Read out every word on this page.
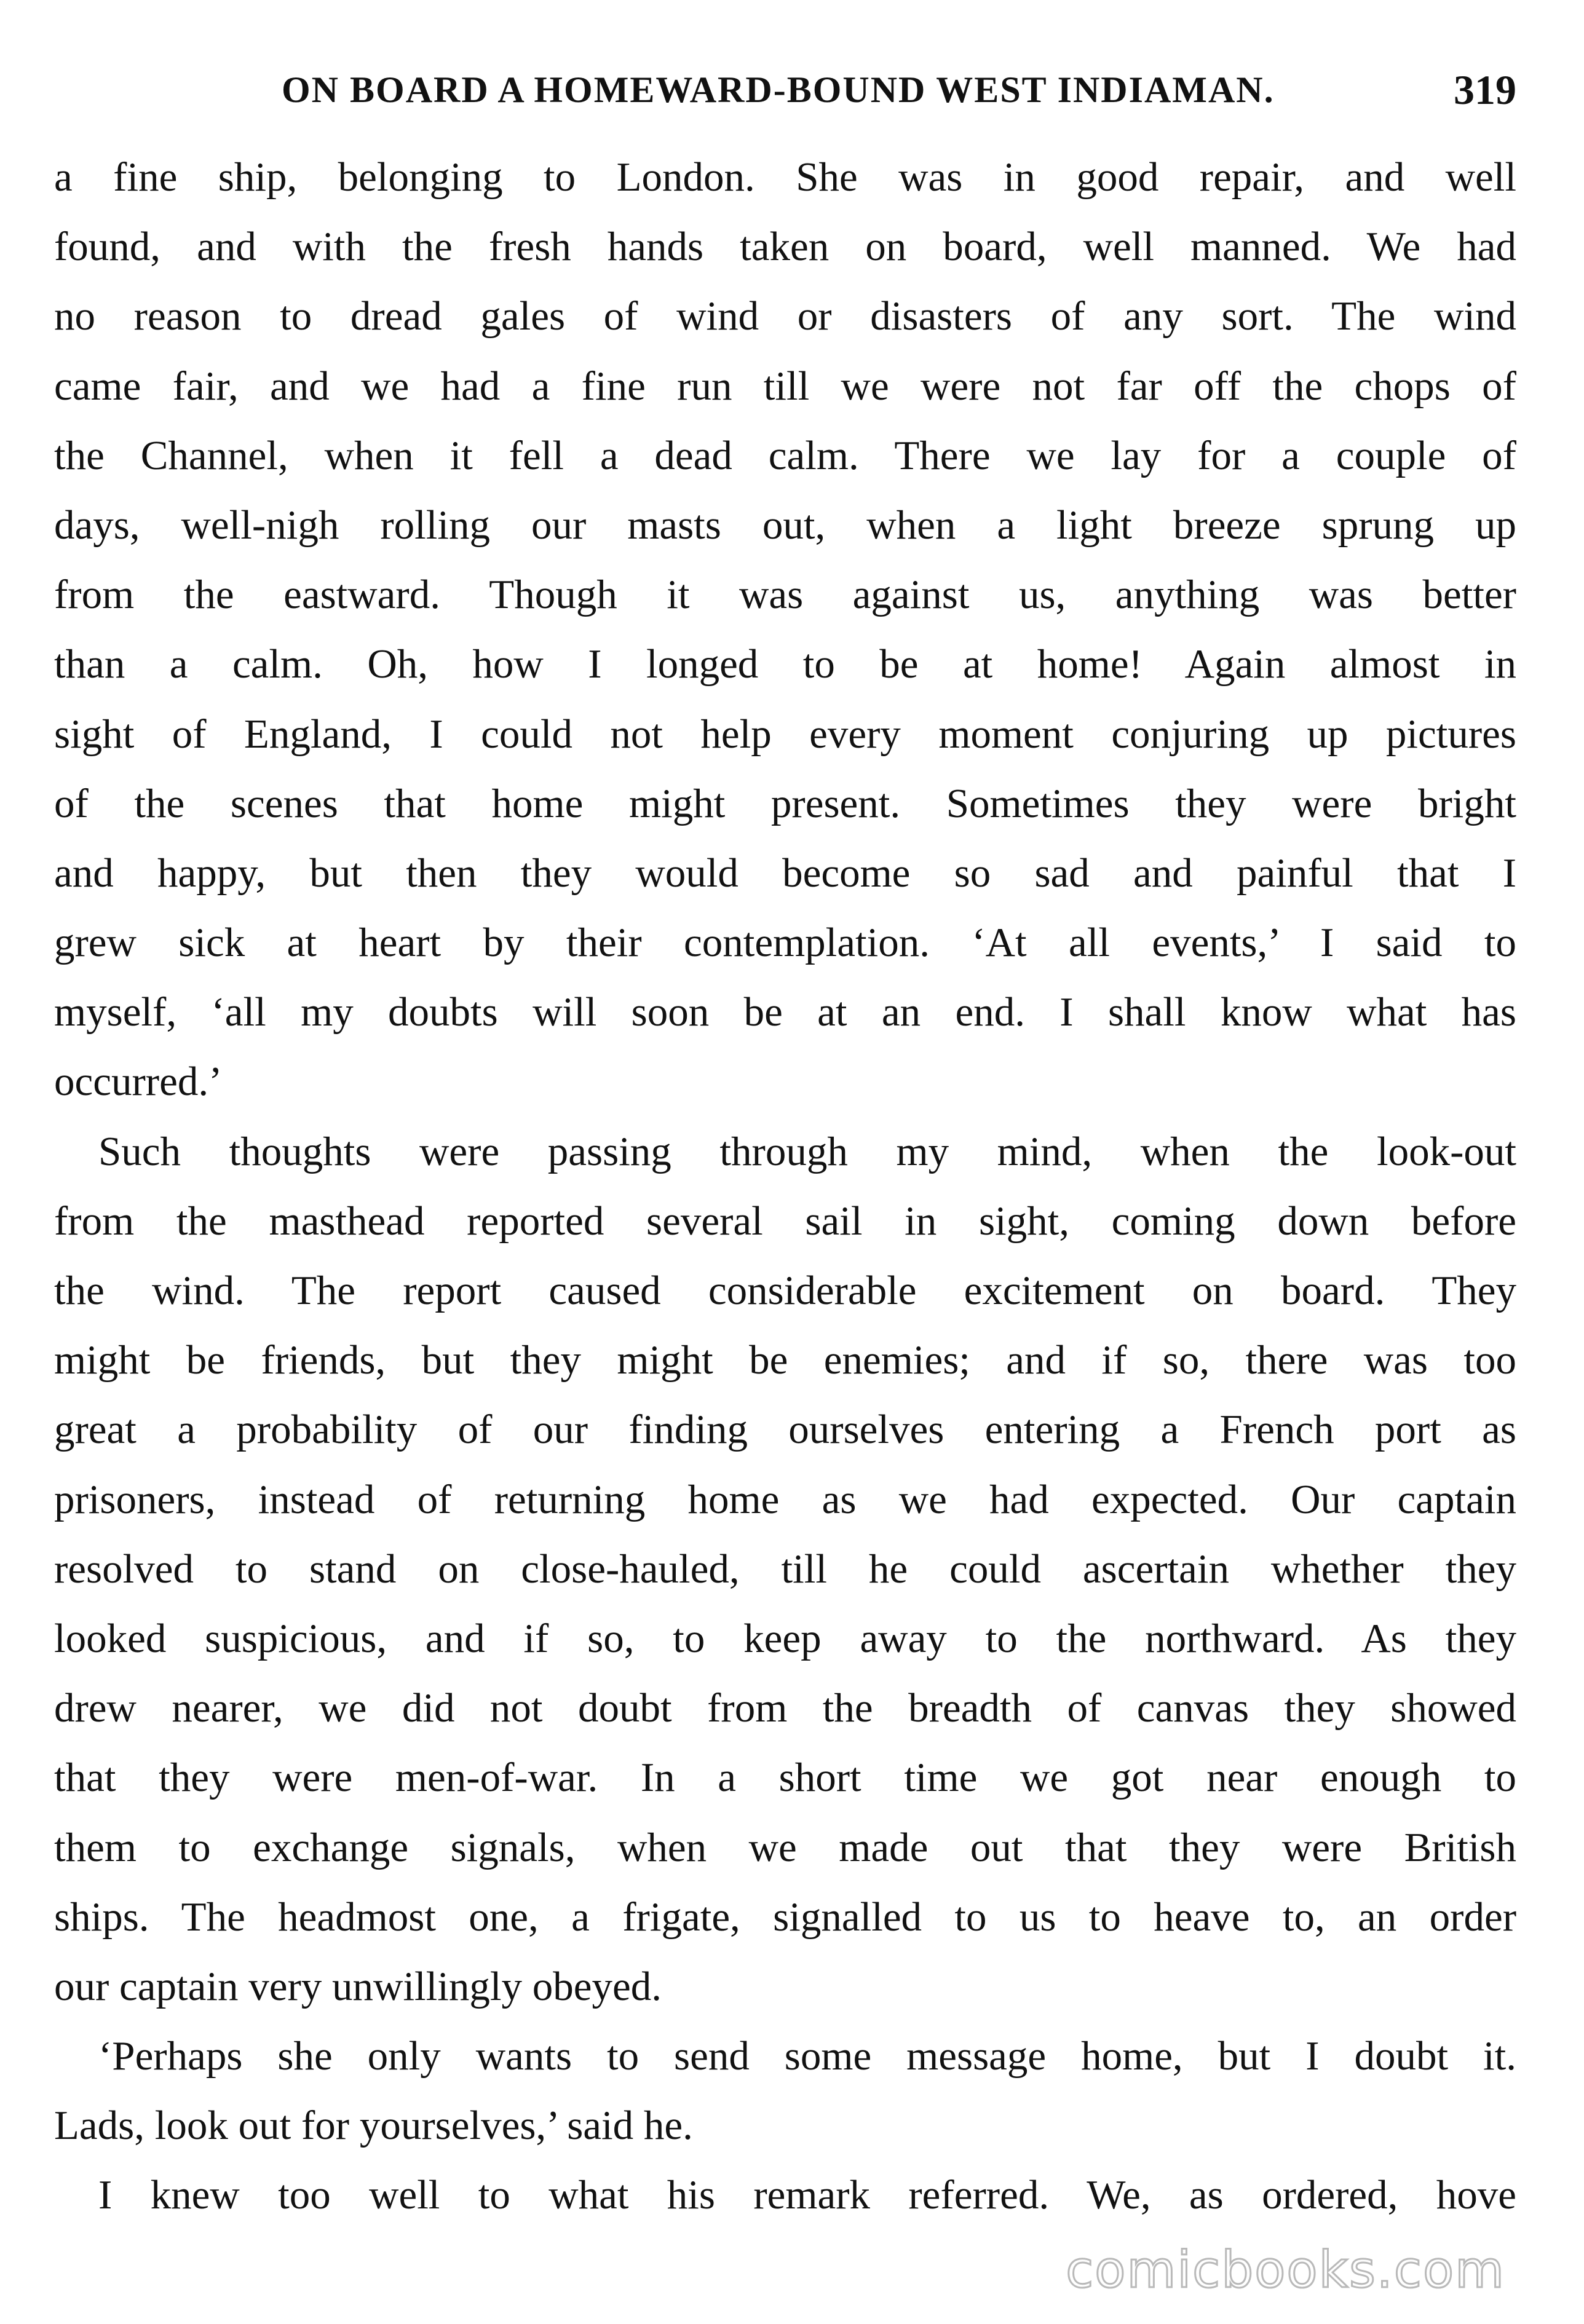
ON BOARD A HOMEWARD-BOUND WEST INDIAMAN.	319
a fine ship, belonging to London. She was in good repair, and well
found, and with the fresh hands taken on board, well manned. We had
no reason to dread gales of wind or disasters of any sort. The wind
came fair, and we had a fine run till we were not far off the chops of
the Channel, when it fell a dead calm. There we lay for a couple of
days, well-nigh rolling our masts out, when a light breeze sprung up
from the eastward. Though it was against us, anything was better
than a calm. Oh, how I longed to be at home! Again almost in
sight of England, I could not help every moment conjuring up pictures
of the scenes that home might present. Sometimes they were bright
and happy, but then they would become so sad and painful that I
grew sick at heart by their contemplation. ‘At all events,’ I said to
myself, ‘all my doubts will soon be at an end. I shall know what has
occurred.’
Such thoughts were passing through my mind, when the look-out
from the masthead reported several sail in sight, coming down before
the wind. The report caused considerable excitement on board. They
might be friends, but they might be enemies; and if so, there was too
great a probability of our finding ourselves entering a French port as
prisoners, instead of returning home as we had expected. Our captain
resolved to stand on close-hauled, till he could ascertain whether they
looked suspicious, and if so, to keep away to the northward. As they
drew nearer, we did not doubt from the breadth of canvas they showed
that they were men-of-war. In a short time we got near enough to
them to exchange signals, when we made out that they were British
ships. The headmost one, a frigate, signalled to us to heave to, an order
our captain very unwillingly obeyed.
‘Perhaps she only wants to send some message home, but I doubt it.
Lads, look out for yourselves,’ said he.
I knew too well to what his remark referred. We, as ordered, hove
comicbooks.com
